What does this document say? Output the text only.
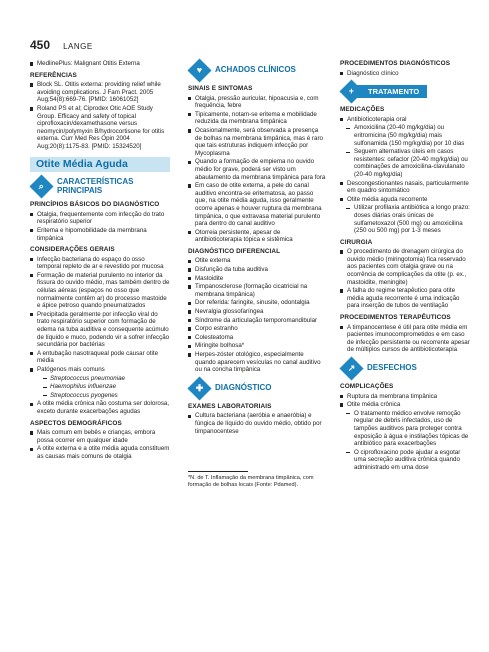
450 LANGE
MedlinePlus: Malignant Otitis Externa
REFERÊNCIAS
Block SL. Otitis externa: providing relief while avoiding complications. J Fam Pract. 2005 Aug;54(8):669-76. [PMID: 16061052]
Roland PS et al; Ciprodex Otic AOE Study Group. Efficacy and safety of topical ciprofloxacin/dexamethasone versus neomycin/polymyxin B/hydrocortisone for otitis externa. Curr Med Res Opin 2004 Aug;20(8):1175-83. [PMID: 15324520]
Otite Média Aguda
⌕ CARACTERÍSTICAS PRINCIPAIS
PRINCÍPIOS BÁSICOS DO DIAGNÓSTICO
Otalgia, frequentemente com infecção do trato respiratório superior
Eritema e hipomobilidade da membrana timpânica
CONSIDERAÇÕES GERAIS
Infecção bacteriana do espaço do osso temporal repleto de ar e revestido por mucosa
Formação de material purulento no interior da fissura do ouvido médio, mas também dentro de células aéreas (espaços no osso que normalmente contêm ar) do processo mastoide e ápice petroso quando pneumatizados
Precipitada geralmente por infecção viral do trato respiratório superior com formação de edema na tuba auditiva e consequente acúmulo de líquido e muco, podendo vir a sofrer infecção secundária por bactérias
A entubação nasotraqueal pode causar otite média
Patógenos mais comuns
Streptococcus pneumoniae
Haemophilus influenzae
Streptococcus pyogenes
A otite média crônica não costuma ser dolorosa, exceto durante exacerbações agudas
ASPECTOS DEMOGRÁFICOS
Mais comum em bebês e crianças, embora possa ocorrer em qualquer idade
A otite externa e a otite média aguda constituem as causas mais comuns de otalgia
♥ ACHADOS CLÍNICOS
SINAIS E SINTOMAS
Otalgia, pressão auricular, hipoacusia e, com frequência, febre
Tipicamente, notam-se eritema e mobilidade reduzida da membrana timpânica
Ocasionalmente, será observada a presença de bolhas na membrana timpânica, mas é raro que tais estruturas indiquem infecção por Mycoplasma
Quando a formação de empiema no ouvido médio for grave, poderá ser visto um abaulamento da membrana timpânica para fora
Em caso de otite externa, a pele do canal auditivo encontra-se eritematosa, ao passo que, na otite média aguda, isso geralmente ocorre apenas e houver ruptura da membrana timpânica, o que extravasa material purulento para dentro do canal auditivo
Otorreia persistente, apesar de antibioticoterapia tópica e sistêmica
DIAGNÓSTICO DIFERENCIAL
Otite externa
Disfunção da tuba auditiva
Mastoidite
Timpanosclerose (formação cicatricial na membrana timpânica)
Dor referida: faringite, sinusite, odontalgia
Nevralgia glossofaríngea
Síndrome da articulação temporomandibular
Corpo estranho
Colesteatoma
Miringite bolhosa*
Herpes-zóster otológico, especialmente quando aparecem vesículas no canal auditivo ou na concha timpânica
✚ DIAGNÓSTICO
EXAMES LABORATORIAIS
Cultura bacteriana (aeróbia e anaeróbia) e fúngica de líquido do ouvido médio, obtido por timpanocentese
*N. de T. Inflamação da membrana timpânica, com formação de bolhas locais (Fonte: Pdamed).
PROCEDIMENTOS DIAGNÓSTICOS
Diagnóstico clínico
+	TRATAMENTO
MEDICAÇÕES
Antibioticoterapia oral
Amoxicilina (20-40 mg/kg/dia) ou eritromicina (50 mg/kg/dia) mais sulfonamida (150 mg/kg/dia) por 10 dias
Seguem alternativas úteis em casos resistentes: cefaclor (20-40 mg/kg/dia) ou combinações de amoxicilina-clavulanato (20-40 mg/kg/dia)
Descongestionantes nasais, particularmente em quadro sintomático
Otite média aguda recorrente
Utilizar profilaxia antibiótica a longo prazo: doses diárias orais únicas de sulfametoxazol (500 mg) ou amoxicilina (250 ou 500 mg) por 1-3 meses
CIRURGIA
O procedimento de drenagem cirúrgica do ouvido médio (miringotomia) fica reservado aos pacientes com otalgia grave ou na ocorrência de complicações da otite (p. ex., mastoidite, meningite)
A falha do regime terapêutico para otite média aguda recorrente é uma indicação para inserção de tubos de ventilação
PROCEDIMENTOS TERAPÊUTICOS
A timpanocentese é útil para otite média em pacientes imunocomprometidos e em caso de infecção persistente ou recorrente apesar de múltiplos cursos de antibioticoterapia
↗ DESFECHOS
COMPLICAÇÕES
Ruptura da membrana timpânica
Otite média crônica
O tratamento médico envolve remoção regular de debris infectados, uso de tampões auditivos para proteger contra exposição à água e instilações tópicas de antibiótico para exacerbações
O ciprofloxacino pode ajudar a esgotar uma secreção auditiva crônica quando administrado em uma dose
